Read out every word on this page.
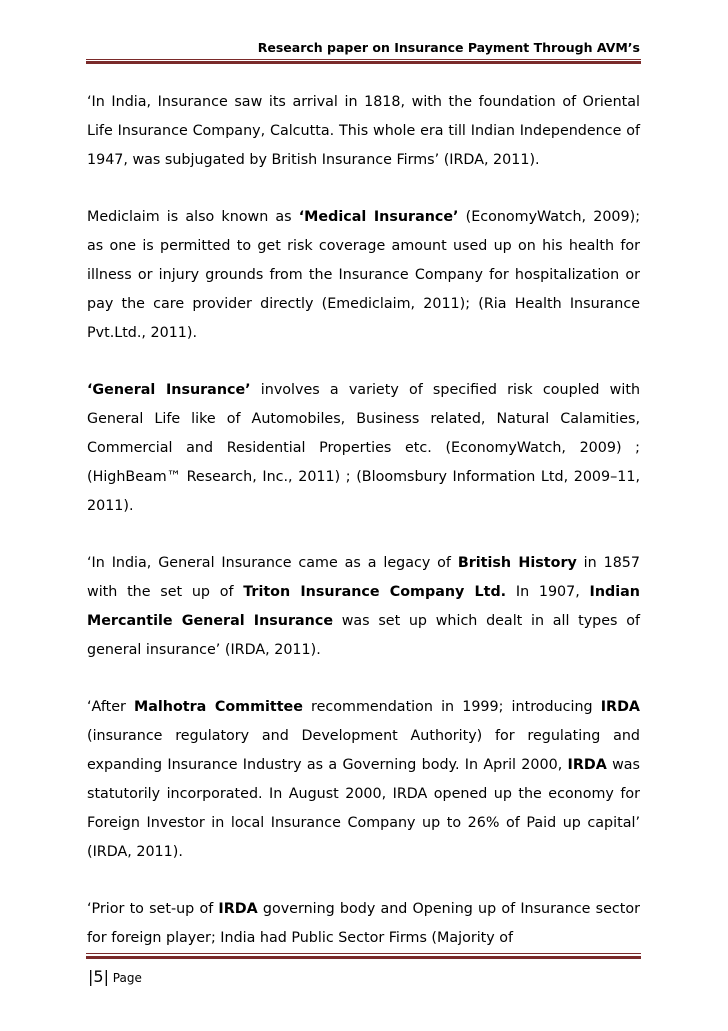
Research paper on Insurance Payment Through AVM’s

‘In India, Insurance saw its arrival in 1818, with the foundation of Oriental Life Insurance Company, Calcutta. This whole era till Indian Independence of 1947, was subjugated by British Insurance Firms’ (IRDA, 2011).

Mediclaim is also known as ‘Medical Insurance’ (EconomyWatch, 2009); as one is permitted to get risk coverage amount used up on his health for illness or injury grounds from the Insurance Company for hospitalization or pay the care provider directly (Emediclaim, 2011); (Ria Health Insurance Pvt.Ltd., 2011).

‘General Insurance’ involves a variety of specified risk coupled with General Life like of Automobiles, Business related, Natural Calamities, Commercial and Residential Properties etc. (EconomyWatch, 2009) ; (HighBeam™ Research, Inc., 2011) ; (Bloomsbury Information Ltd, 2009–11, 2011).

‘In India, General Insurance came as a legacy of British History in 1857 with the set up of Triton Insurance Company Ltd. In 1907, Indian Mercantile General Insurance was set up which dealt in all types of general insurance’ (IRDA, 2011).

‘After Malhotra Committee recommendation in 1999; introducing IRDA (insurance regulatory and Development Authority) for regulating and expanding Insurance Industry as a Governing body. In April 2000, IRDA was statutorily incorporated. In August 2000, IRDA opened up the economy for Foreign Investor in local Insurance Company up to 26% of Paid up capital’ (IRDA, 2011).

‘Prior to set-up of IRDA governing body and Opening up of Insurance sector for foreign player; India had Public Sector Firms (Majority of

|5| Page
